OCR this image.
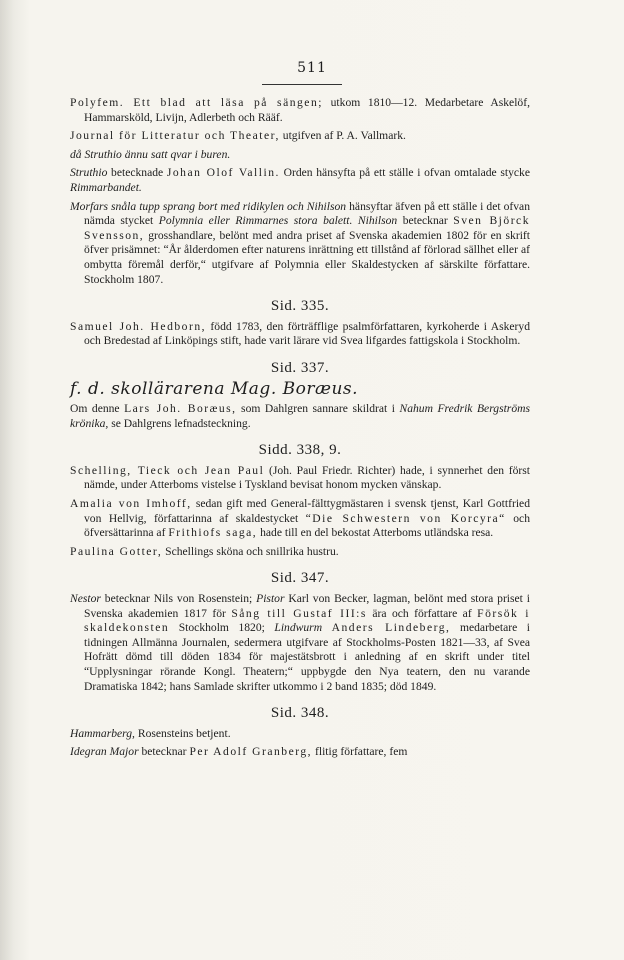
511

Polyfem. Ett blad att läsa på sängen; utkom 1810—12. Medarbetare Askelöf, Hammarsköld, Livijn, Adlerbeth och Rääf.

Journal för Litteratur och Theater, utgifven af P. A. Vallmark.

då Struthio ännu satt qvar i buren.

Struthio betecknade Johan Olof Vallin. Orden hänsyfta på ett ställe i ofvan omtalade stycke Rimmarbandet.

Morfars snåla tupp sprang bort med ridikylen och Nihilson hänsyftar äfven på ett ställe i det ofvan nämda stycket Polymnia eller Rimmarnes stora balett. Nihilson betecknar Sven Björck Svensson, grosshandlare, belönt med andra priset af Svenska akademien 1802 för en skrift öfver prisämnet: “År ålderdomen efter naturens inrättning ett tillstånd af förlorad sällhet eller af ombytta föremål derför,“ utgifvare af Polymnia eller Skaldestycken af särskilte författare. Stockholm 1807.

Sid. 335.

Samuel Joh. Hedborn, född 1783, den förträfflige psalmförfattaren, kyrkoherde i Askeryd och Bredestad af Linköpings stift, hade varit lärare vid Svea lifgardes fattigskola i Stockholm.

Sid. 337.

f. d. skollärarena Mag. Boræus.

Om denne Lars Joh. Boræus, som Dahlgren sannare skildrat i Nahum Fredrik Bergströms krönika, se Dahlgrens lefnadsteckning.

Sidd. 338, 9.

Schelling, Tieck och Jean Paul (Joh. Paul Friedr. Richter) hade, i synnerhet den först nämde, under Atterboms vistelse i Tyskland bevisat honom mycken vänskap.

Amalia von Imhoff, sedan gift med General-fälttygmästaren i svensk tjenst, Karl Gottfried von Hellvig, författarinna af skaldestycket “Die Schwestern von Korcyra“ och öfversättarinna af Frithiofs saga, hade till en del bekostat Atterboms utländska resa.

Paulina Gotter, Schellings sköna och snillrika hustru.

Sid. 347.

Nestor betecknar Nils von Rosenstein; Pistor Karl von Becker, lagman, belönt med stora priset i Svenska akademien 1817 för Sång till Gustaf III:s ära och författare af Försök i skaldekonsten Stockholm 1820; Lindwurm Anders Lindeberg, medarbetare i tidningen Allmänna Journalen, sedermera utgifvare af Stockholms-Posten 1821—33, af Svea Hofrätt dömd till döden 1834 för majestätsbrott i anledning af en skrift under titel “Upplysningar rörande Kongl. Theatern;“ uppbygde den Nya teatern, den nu varande Dramatiska 1842; hans Samlade skrifter utkommo i 2 band 1835; död 1849.

Sid. 348.

Hammarberg, Rosensteins betjent.

Idegran Major betecknar Per Adolf Granberg, flitig författare, fem
